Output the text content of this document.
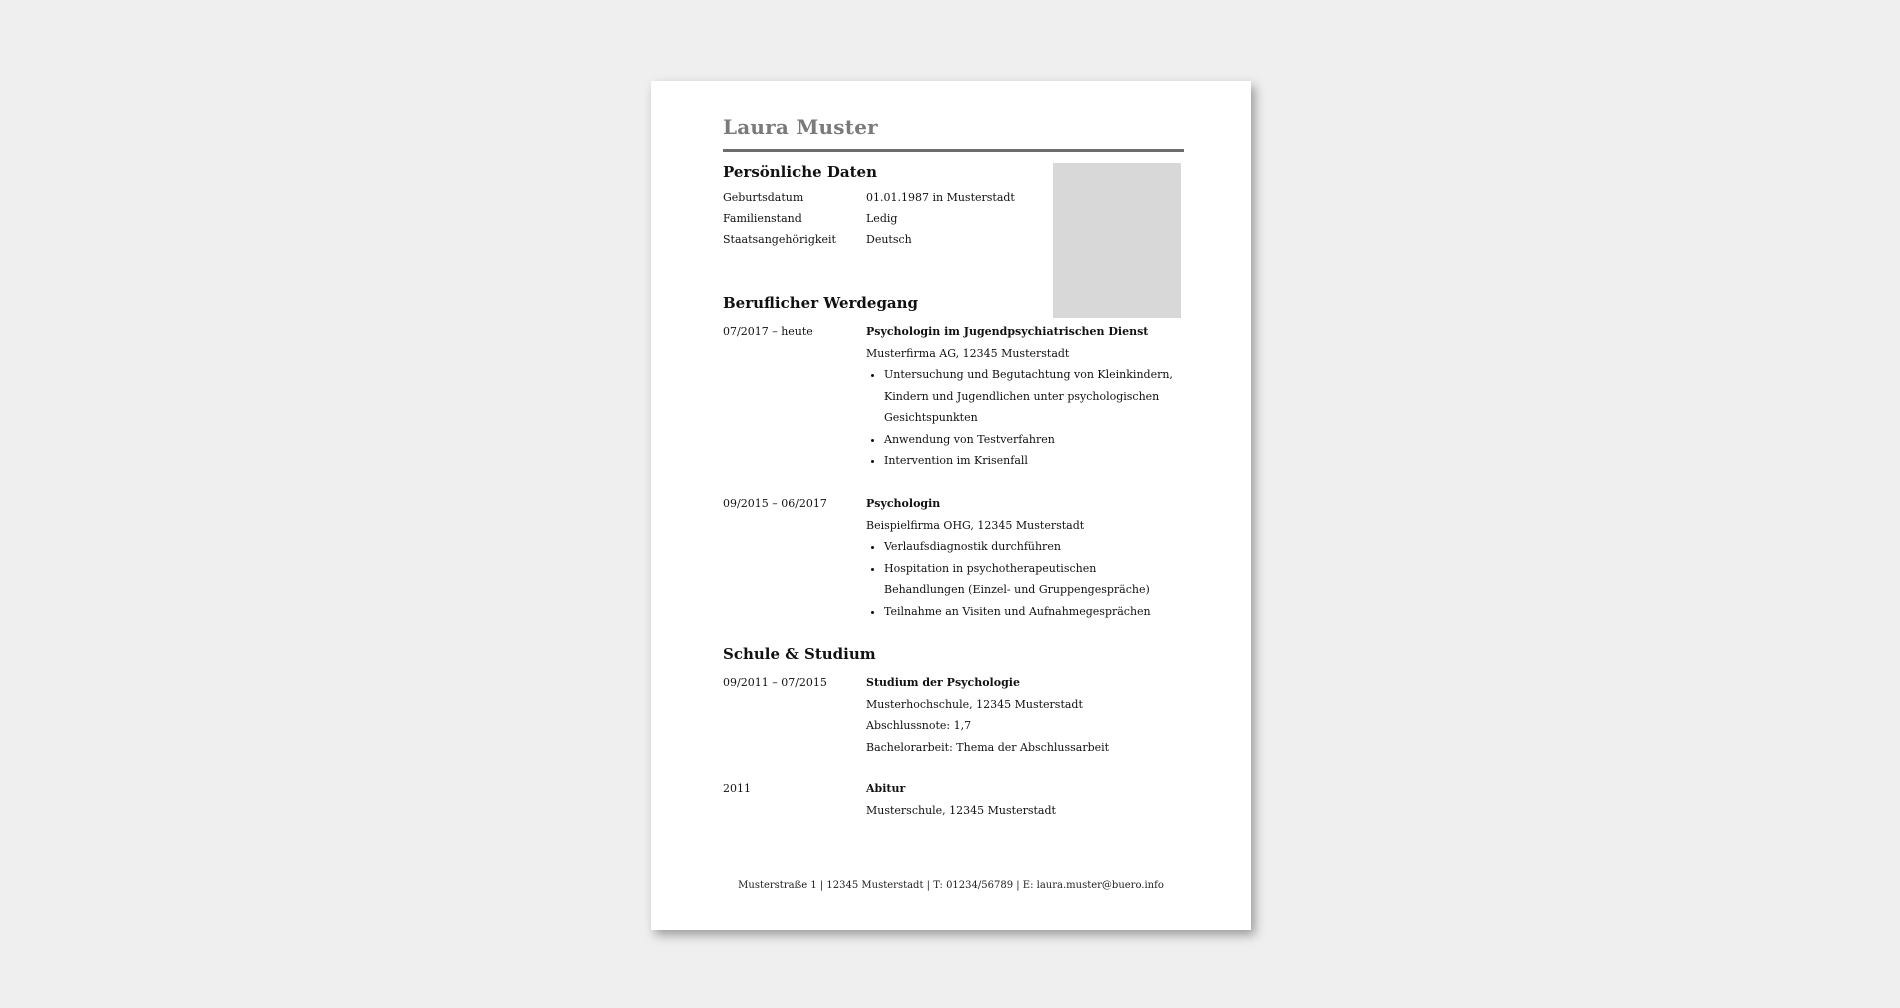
Laura Muster
Persönliche Daten
Geburtsdatum	01.01.1987 in Musterstadt
Familienstand	Ledig
Staatsangehörigkeit	Deutsch
Beruflicher Werdegang
07/2017 – heute	Psychologin im Jugendpsychiatrischen Dienst
Musterfirma AG, 12345 Musterstadt
• Untersuchung und Begutachtung von Kleinkindern, Kindern und Jugendlichen unter psychologischen Gesichtspunkten
• Anwendung von Testverfahren
• Intervention im Krisenfall
09/2015 – 06/2017	Psychologin
Beispielfirma OHG, 12345 Musterstadt
• Verlaufsdiagnostik durchführen
• Hospitation in psychotherapeutischen Behandlungen (Einzel- und Gruppengespräche)
• Teilnahme an Visiten und Aufnahmegesprächen
Schule & Studium
09/2011 – 07/2015	Studium der Psychologie
Musterhochschule, 12345 Musterstadt
Abschlussnote: 1,7
Bachelorarbeit: Thema der Abschlussarbeit
2011	Abitur
Musterschule, 12345 Musterstadt
Musterstraße 1 | 12345 Musterstadt | T: 01234/56789 | E: laura.muster@buero.info
